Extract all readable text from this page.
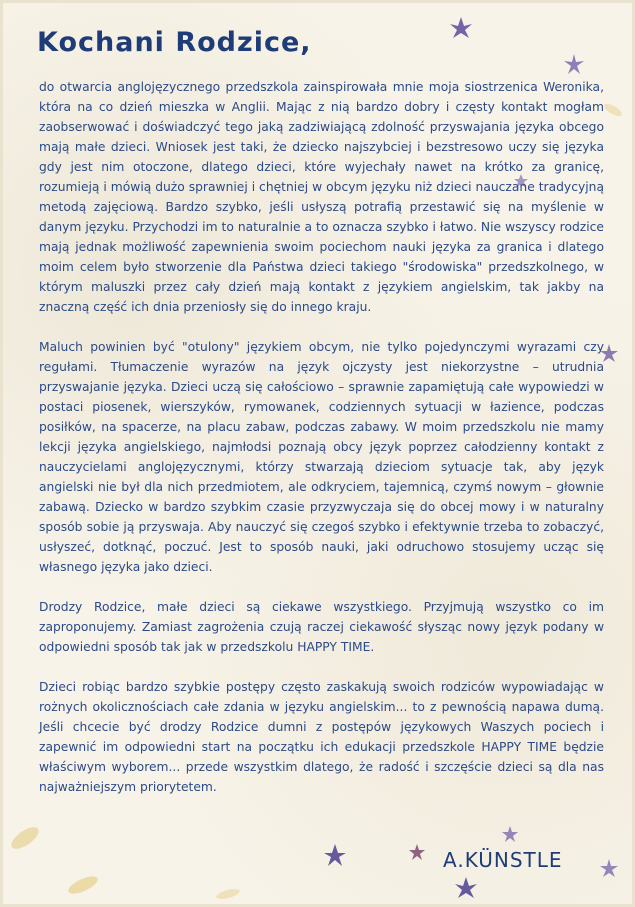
Kochani Rodzice,

do otwarcia anglojęzycznego przedszkola zainspirowała mnie moja siostrzenica Weronika, która na co dzień mieszka w Anglii. Mając z nią bardzo dobry i częsty kontakt mogłam zaobserwować i doświadczyć tego jaką zadziwiającą zdolność przyswajania języka obcego mają małe dzieci. Wniosek jest taki, że dziecko najszybciej i bezstresowo uczy się języka gdy jest nim otoczone, dlatego dzieci, które wyjechały nawet na krótko za granicę, rozumieją i mówią dużo sprawniej i chętniej w obcym języku niż dzieci nauczane tradycyjną metodą zajęciową. Bardzo szybko, jeśli usłyszą potrafią przestawić się na myślenie w danym języku. Przychodzi im to naturalnie a to oznacza szybko i łatwo. Nie wszyscy rodzice mają jednak możliwość zapewnienia swoim pociechom nauki języka za granica i dlatego moim celem było stworzenie dla Państwa dzieci takiego "środowiska" przedszkolnego, w którym maluszki przez cały dzień mają kontakt z językiem angielskim, tak jakby na znaczną część ich dnia przeniosły się do innego kraju.

Maluch powinien być "otulony" językiem obcym, nie tylko pojedynczymi wyrazami czy regułami. Tłumaczenie wyrazów na język ojczysty jest niekorzystne – utrudnia przyswajanie języka. Dzieci uczą się całościowo – sprawnie zapamiętują całe wypowiedzi w postaci piosenek, wierszyków, rymowanek, codziennych sytuacji w łazience, podczas posiłków, na spacerze, na placu zabaw, podczas zabawy. W moim przedszkolu nie mamy lekcji języka angielskiego, najmłodsi poznają obcy język poprzez całodzienny kontakt z nauczycielami anglojęzycznymi, którzy stwarzają dzieciom sytuacje tak, aby język angielski nie był dla nich przedmiotem, ale odkryciem, tajemnicą, czymś nowym – głownie zabawą. Dziecko w bardzo szybkim czasie przyzwyczaja się do obcej mowy i w naturalny sposób sobie ją przyswaja. Aby nauczyć się czegoś szybko i efektywnie trzeba to zobaczyć, usłyszeć, dotknąć, poczuć. Jest to sposób nauki, jaki odruchowo stosujemy ucząc się własnego języka jako dzieci.

Drodzy Rodzice, małe dzieci są ciekawe wszystkiego. Przyjmują wszystko co im zaproponujemy. Zamiast zagrożenia czują raczej ciekawość słysząc nowy język podany w odpowiedni sposób tak jak w przedszkolu HAPPY TIME.

Dzieci robiąc bardzo szybkie postępy często zaskakują swoich rodziców wypowiadając w rożnych okolicznościach całe zdania w języku angielskim... to z pewnością napawa dumą. Jeśli chcecie być drodzy Rodzice dumni z postępów językowych Waszych pociech i zapewnić im odpowiedni start na początku ich edukacji przedszkole HAPPY TIME będzie właściwym wyborem... przede wszystkim dlatego, że radość i szczęście dzieci są dla nas najważniejszym priorytetem.

A.KÜNSTLE
